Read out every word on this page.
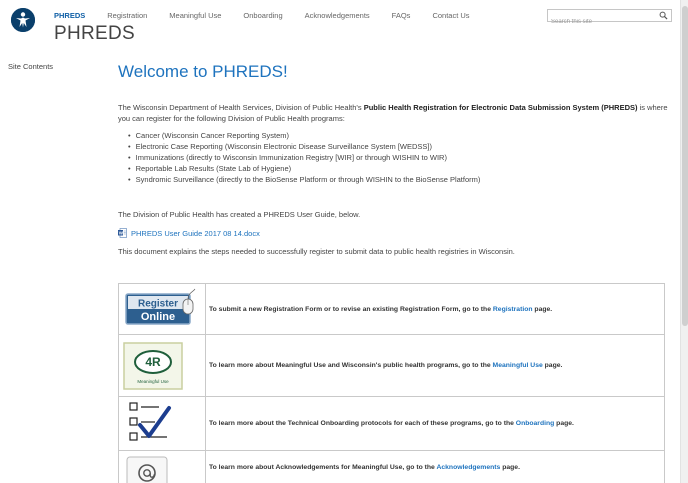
PHREDS	Registration	Meaningful Use	Onboarding	Acknowledgements	FAQs	Contact Us
Search this site
PHREDS
Site Contents	Welcome to PHREDS!

The Wisconsin Department of Health Services, Division of Public Health's Public Health Registration for Electronic Data Submission System (PHREDS) is where you can register for the following Division of Public Health programs:

• Cancer (Wisconsin Cancer Reporting System)
• Electronic Case Reporting (Wisconsin Electronic Disease Surveillance System [WEDSS])
• Immunizations (directly to Wisconsin Immunization Registry [WIR] or through WISHIN to WIR)
• Reportable Lab Results (State Lab of Hygiene)
• Syndromic Surveillance (directly to the BioSense Platform or through WISHIN to the BioSense Platform)

The Division of Public Health has created a PHREDS User Guide, below.

W PHREDS User Guide 2017 08 14.docx

This document explains the steps needed to successfully register to submit data to public health registries in Wisconsin.

Register
Online	To submit a new Registration Form or to revise an existing Registration Form, go to the Registration page.

4R
Meaningful Use	To learn more about Meaningful Use and Wisconsin's public health programs, go to the Meaningful Use page.

	To learn more about the Technical Onboarding protocols for each of these programs, go to the Onboarding page.

	To learn more about Acknowledgements for Meaningful Use, go to the Acknowledgements page.
